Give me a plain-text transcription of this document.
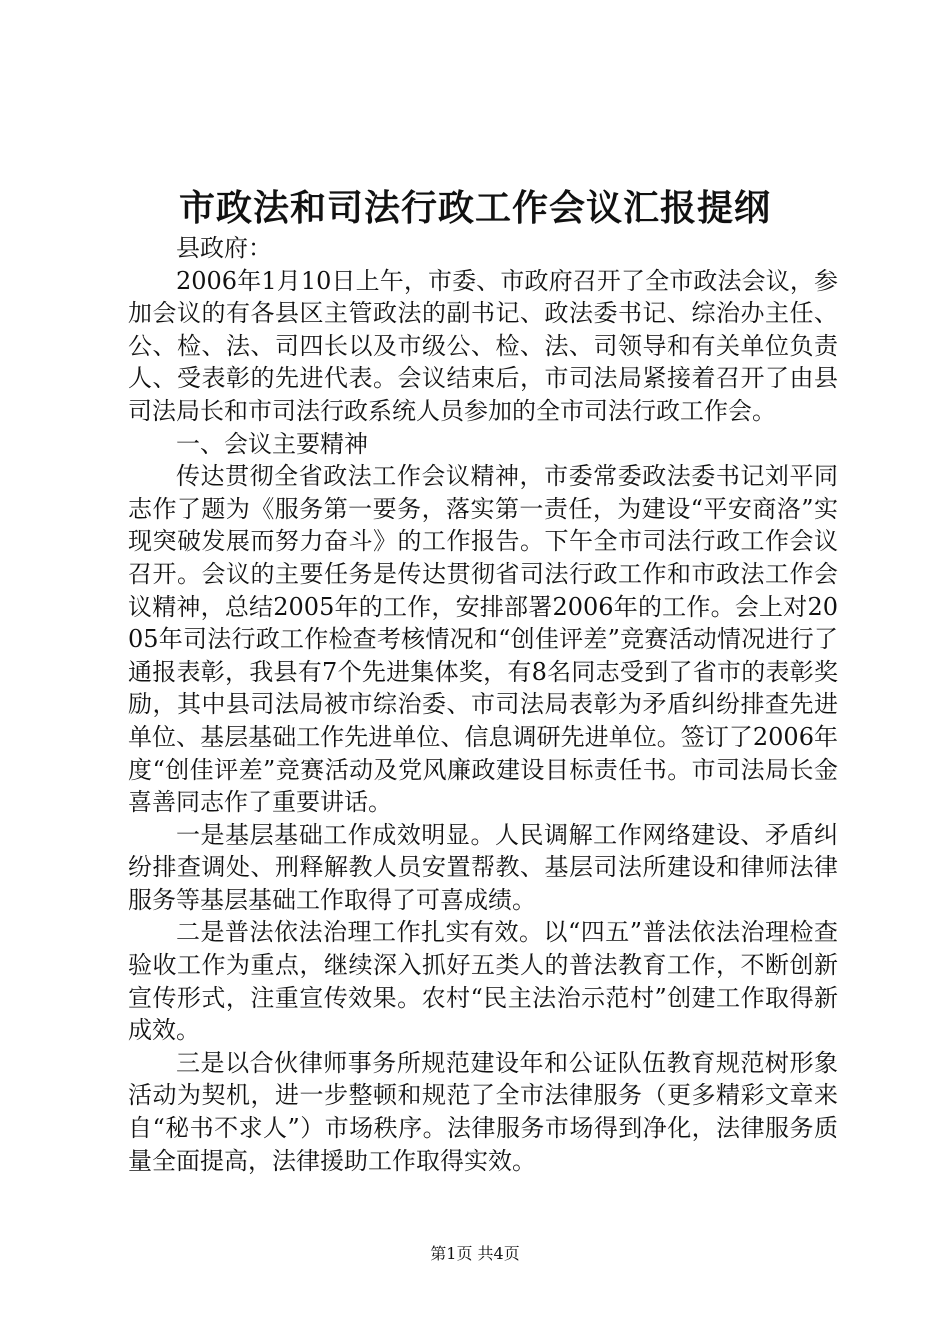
市政法和司法行政工作会议汇报提纲

县政府：

2006年1月10日上午，市委、市政府召开了全市政法会议，参加会议的有各县区主管政法的副书记、政法委书记、综治办主任、公、检、法、司四长以及市级公、检、法、司领导和有关单位负责人、受表彰的先进代表。会议结束后，市司法局紧接着召开了由县司法局长和市司法行政系统人员参加的全市司法行政工作会。

一、会议主要精神

传达贯彻全省政法工作会议精神，市委常委政法委书记刘平同志作了题为《服务第一要务，落实第一责任，为建设“平安商洛”实现突破发展而努力奋斗》的工作报告。下午全市司法行政工作会议召开。会议的主要任务是传达贯彻省司法行政工作和市政法工作会议精神，总结2005年的工作，安排部署2006年的工作。会上对2005年司法行政工作检查考核情况和“创佳评差”竞赛活动情况进行了通报表彰，我县有7个先进集体奖，有8名同志受到了省市的表彰奖励，其中县司法局被市综治委、市司法局表彰为矛盾纠纷排查先进单位、基层基础工作先进单位、信息调研先进单位。签订了2006年度“创佳评差”竞赛活动及党风廉政建设目标责任书。市司法局长金喜善同志作了重要讲话。

一是基层基础工作成效明显。人民调解工作网络建设、矛盾纠纷排查调处、刑释解教人员安置帮教、基层司法所建设和律师法律服务等基层基础工作取得了可喜成绩。

二是普法依法治理工作扎实有效。以“四五”普法依法治理检查验收工作为重点，继续深入抓好五类人的普法教育工作，不断创新宣传形式，注重宣传效果。农村“民主法治示范村”创建工作取得新成效。

三是以合伙律师事务所规范建设年和公证队伍教育规范树形象活动为契机，进一步整顿和规范了全市法律服务（更多精彩文章来自“秘书不求人”）市场秩序。法律服务市场得到净化，法律服务质量全面提高，法律援助工作取得实效。

第1页 共4页
